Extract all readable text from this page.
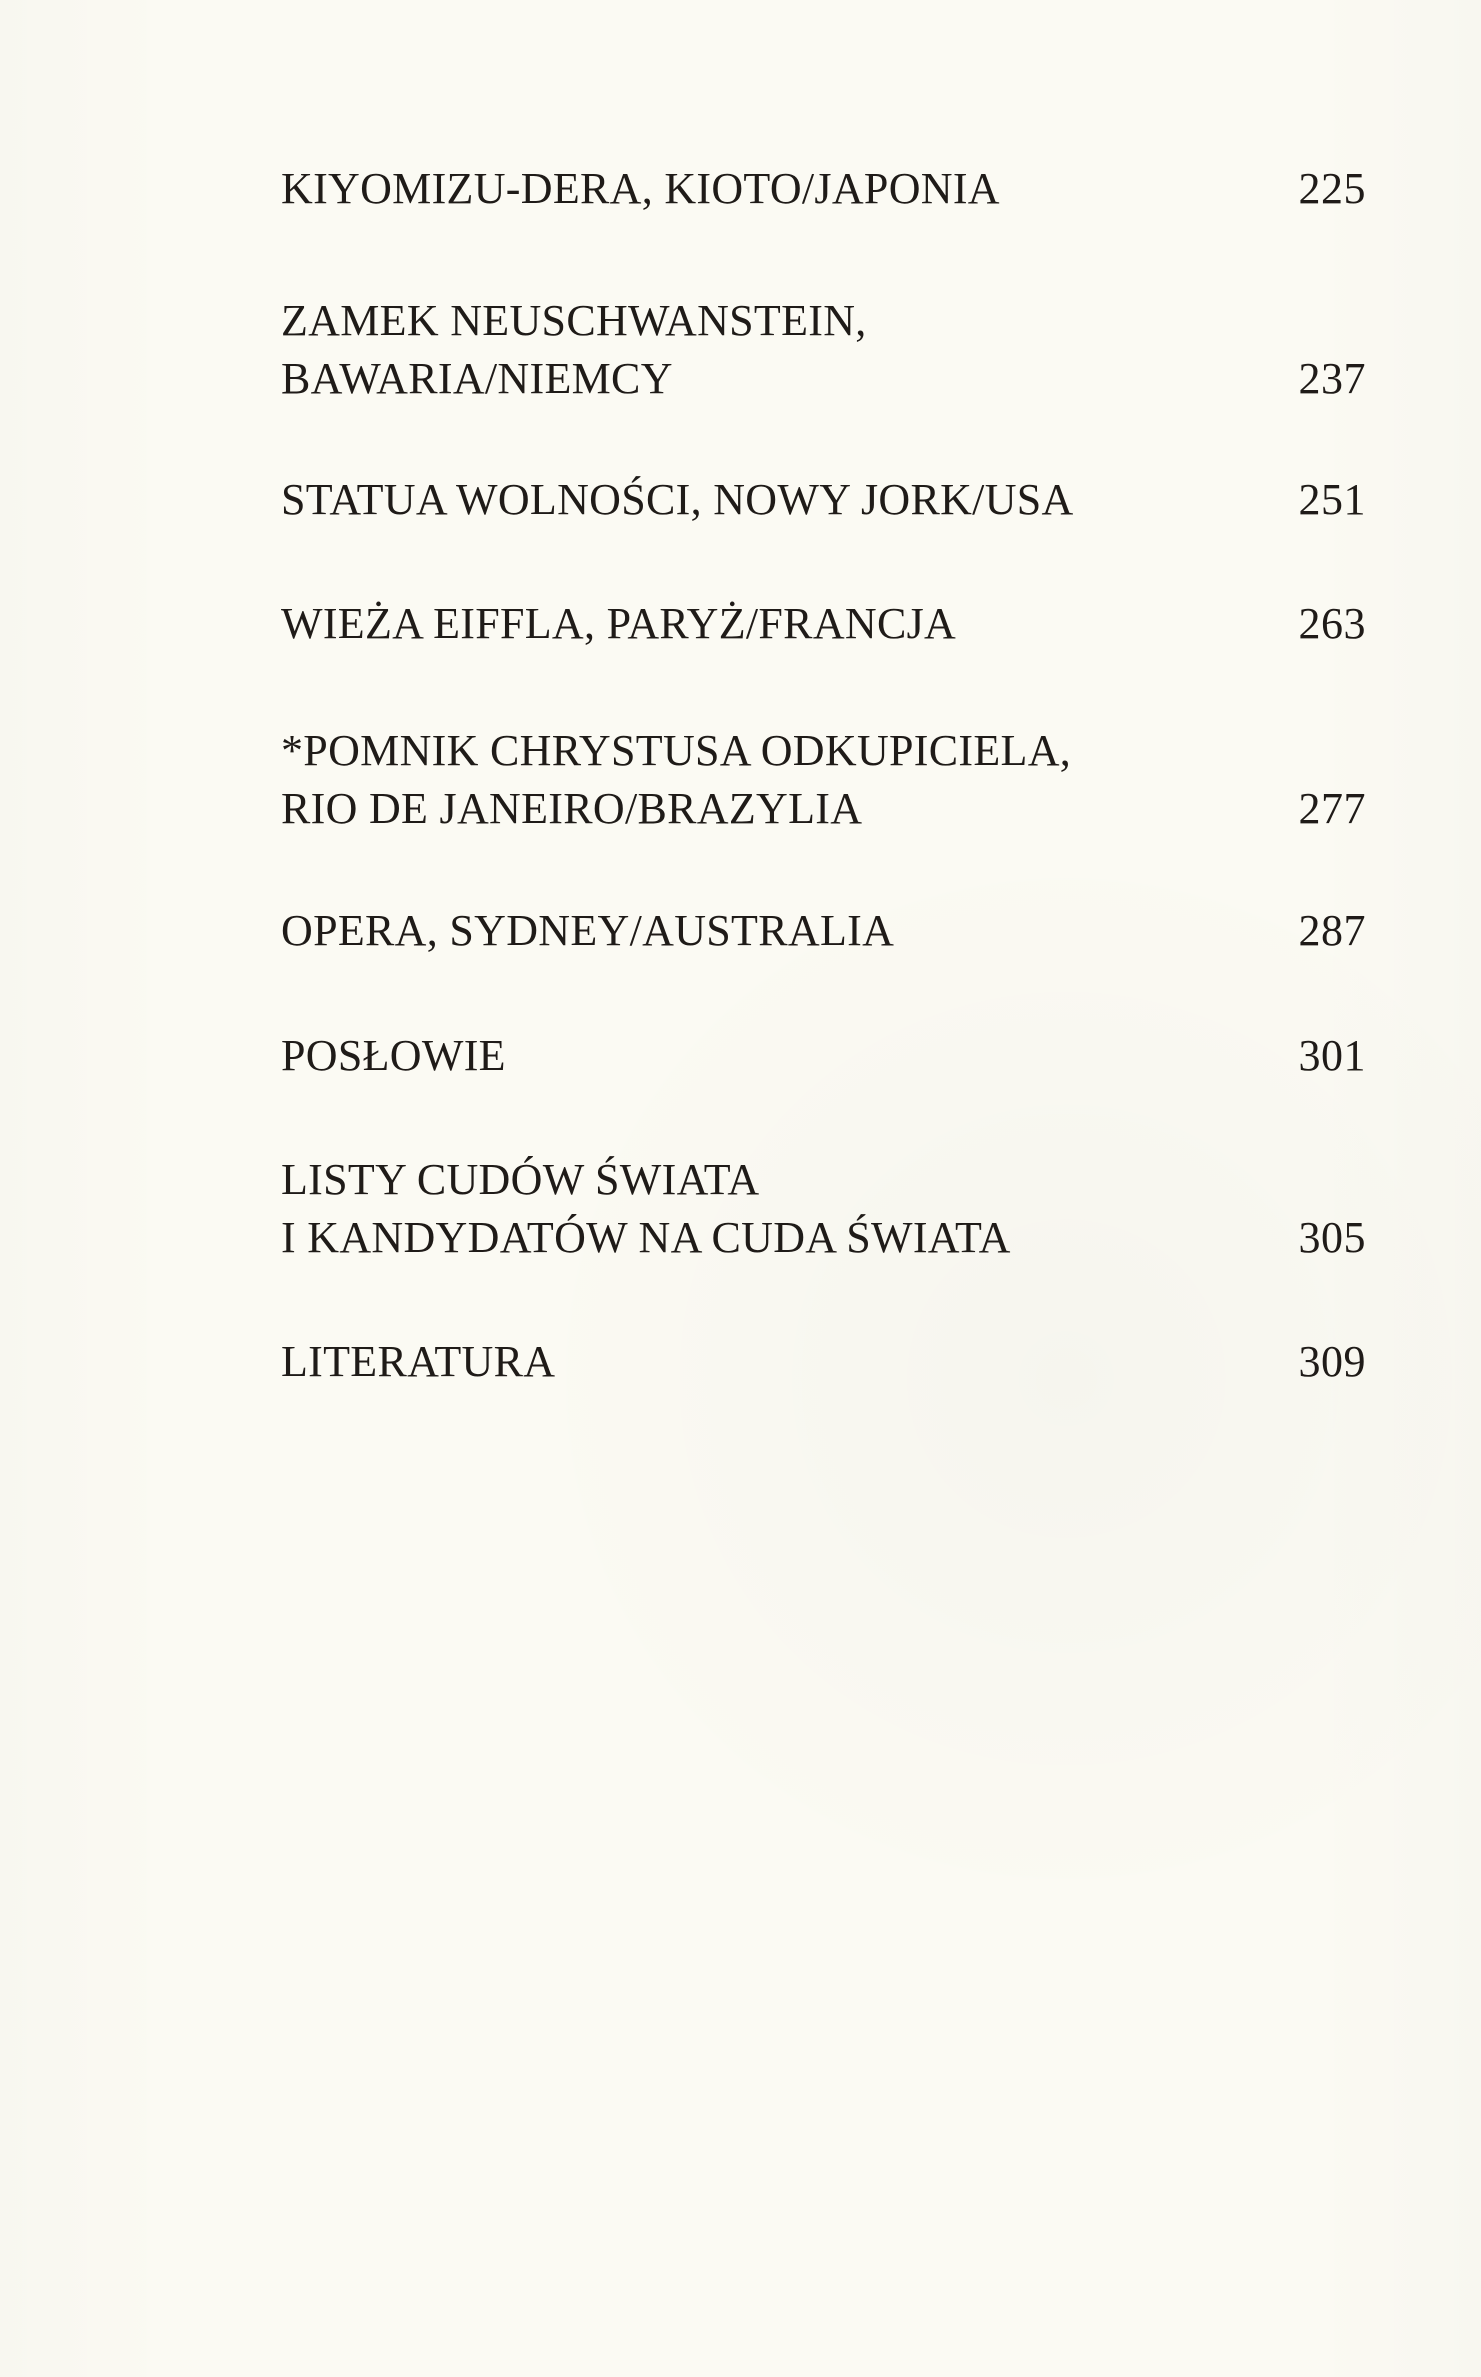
KIYOMIZU-DERA, KIOTO/JAPONIA	225
ZAMEK NEUSCHWANSTEIN,
BAWARIA/NIEMCY	237
STATUA WOLNOŚCI, NOWY JORK/USA	251
WIEŻA EIFFLA, PARYŻ/FRANCJA	263
*POMNIK CHRYSTUSA ODKUPICIELA,
RIO DE JANEIRO/BRAZYLIA	277
OPERA, SYDNEY/AUSTRALIA	287
POSŁOWIE	301
LISTY CUDÓW ŚWIATA
I KANDYDATÓW NA CUDA ŚWIATA	305
LITERATURA	309
